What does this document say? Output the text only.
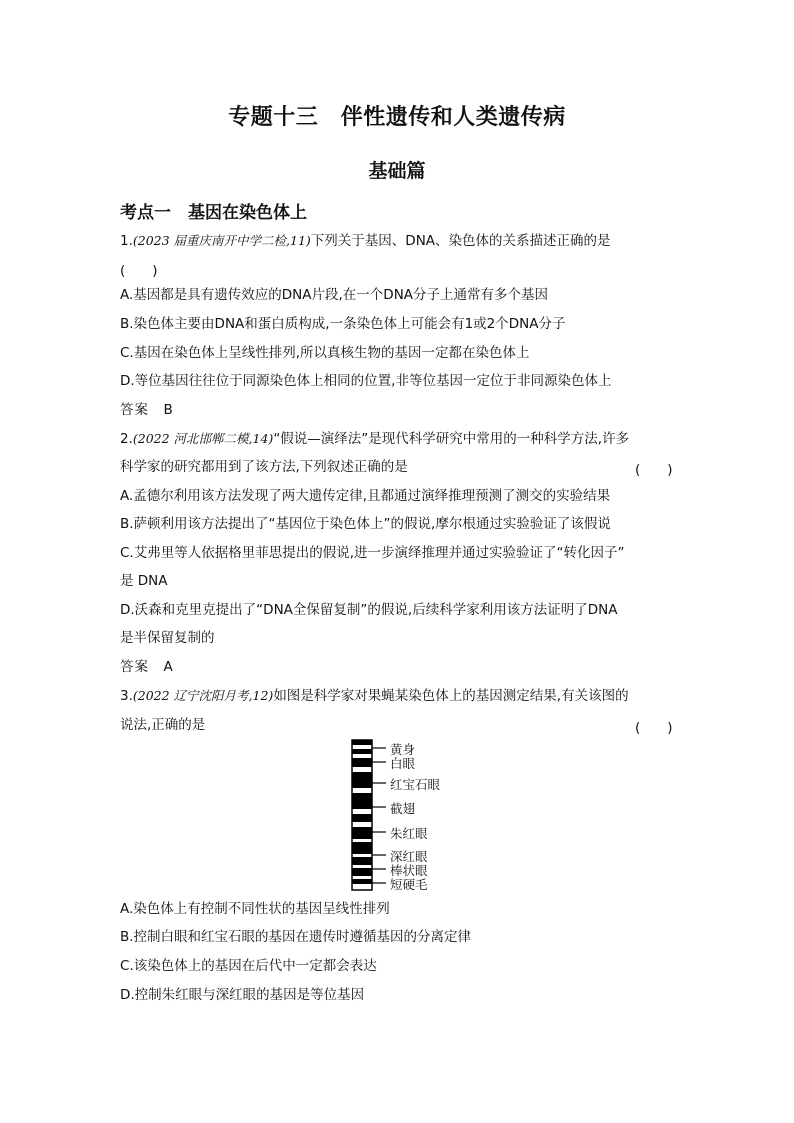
专题十三　伴性遗传和人类遗传病
基础篇
考点一　基因在染色体上
1.(2023 届重庆南开中学二检,11)下列关于基因、DNA、染色体的关系描述正确的是
(　　)
A.基因都是具有遗传效应的DNA片段,在一个DNA分子上通常有多个基因
B.染色体主要由DNA和蛋白质构成,一条染色体上可能会有1或2个DNA分子
C.基因在染色体上呈线性排列,所以真核生物的基因一定都在染色体上
D.等位基因往往位于同源染色体上相同的位置,非等位基因一定位于非同源染色体上
答案　B
2.(2022 河北邯郸二模,14)“假说—演绎法”是现代科学研究中常用的一种科学方法,许多
科学家的研究都用到了该方法,下列叙述正确的是	(　　)
A.孟德尔利用该方法发现了两大遗传定律,且都通过演绎推理预测了测交的实验结果
B.萨顿利用该方法提出了“基因位于染色体上”的假说,摩尔根通过实验验证了该假说
C.艾弗里等人依据格里菲思提出的假说,进一步演绎推理并通过实验验证了“转化因子”
是 DNA
D.沃森和克里克提出了“DNA全保留复制”的假说,后续科学家利用该方法证明了DNA
是半保留复制的
答案　A
3.(2022 辽宁沈阳月考,12)如图是科学家对果蝇某染色体上的基因测定结果,有关该图的
说法,正确的是	(　　)
黄身
白眼
红宝石眼
截翅
朱红眼
深红眼
棒状眼
短硬毛
A.染色体上有控制不同性状的基因呈线性排列
B.控制白眼和红宝石眼的基因在遗传时遵循基因的分离定律
C.该染色体上的基因在后代中一定都会表达
D.控制朱红眼与深红眼的基因是等位基因
